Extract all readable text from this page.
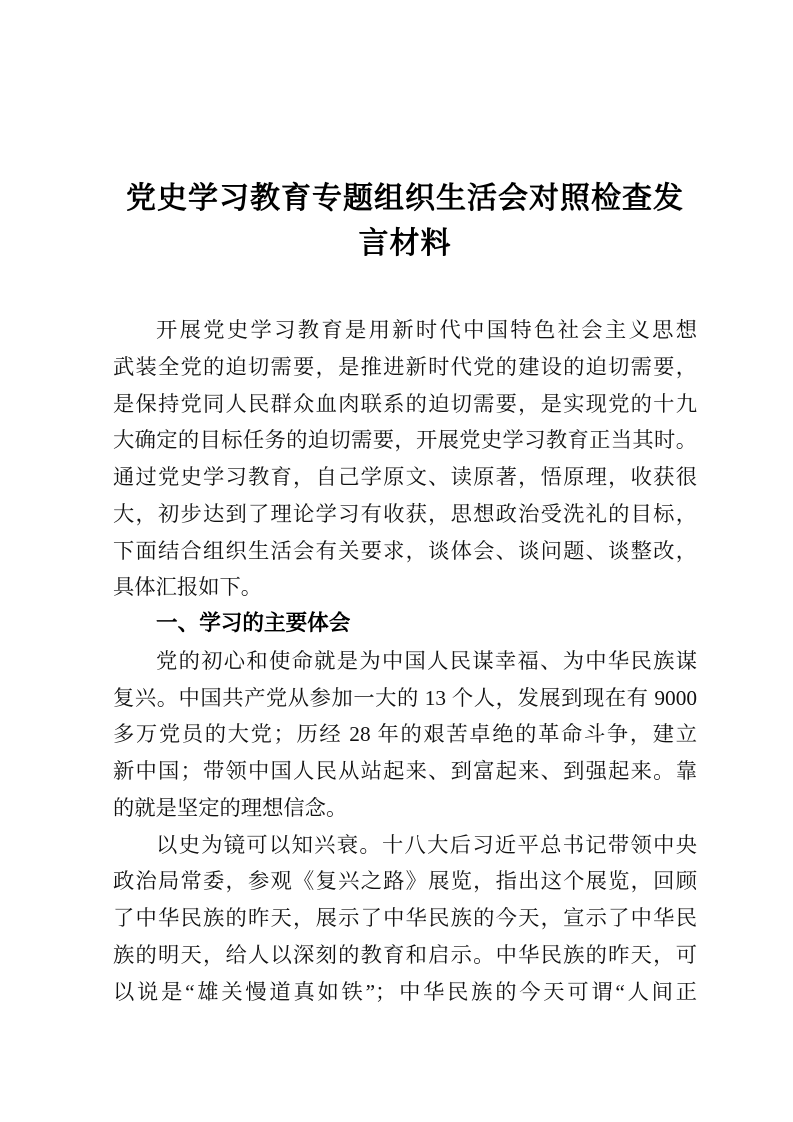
党史学习教育专题组织生活会对照检查发
言材料
开展党史学习教育是用新时代中国特色社会主义思想
武装全党的迫切需要，是推进新时代党的建设的迫切需要，
是保持党同人民群众血肉联系的迫切需要，是实现党的十九
大确定的目标任务的迫切需要，开展党史学习教育正当其时。
通过党史学习教育，自己学原文、读原著，悟原理，收获很
大，初步达到了理论学习有收获，思想政治受洗礼的目标，
下面结合组织生活会有关要求，谈体会、谈问题、谈整改，
具体汇报如下。
一、学习的主要体会
党的初心和使命就是为中国人民谋幸福、为中华民族谋
复兴。中国共产党从参加一大的 13 个人，发展到现在有 9000
多万党员的大党；历经 28 年的艰苦卓绝的革命斗争，建立
新中国；带领中国人民从站起来、到富起来、到强起来。靠
的就是坚定的理想信念。
以史为镜可以知兴衰。十八大后习近平总书记带领中央
政治局常委，参观《复兴之路》展览，指出这个展览，回顾
了中华民族的昨天，展示了中华民族的今天，宣示了中华民
族的明天，给人以深刻的教育和启示。中华民族的昨天，可
以说是“雄关慢道真如铁”；中华民族的今天可谓“人间正
